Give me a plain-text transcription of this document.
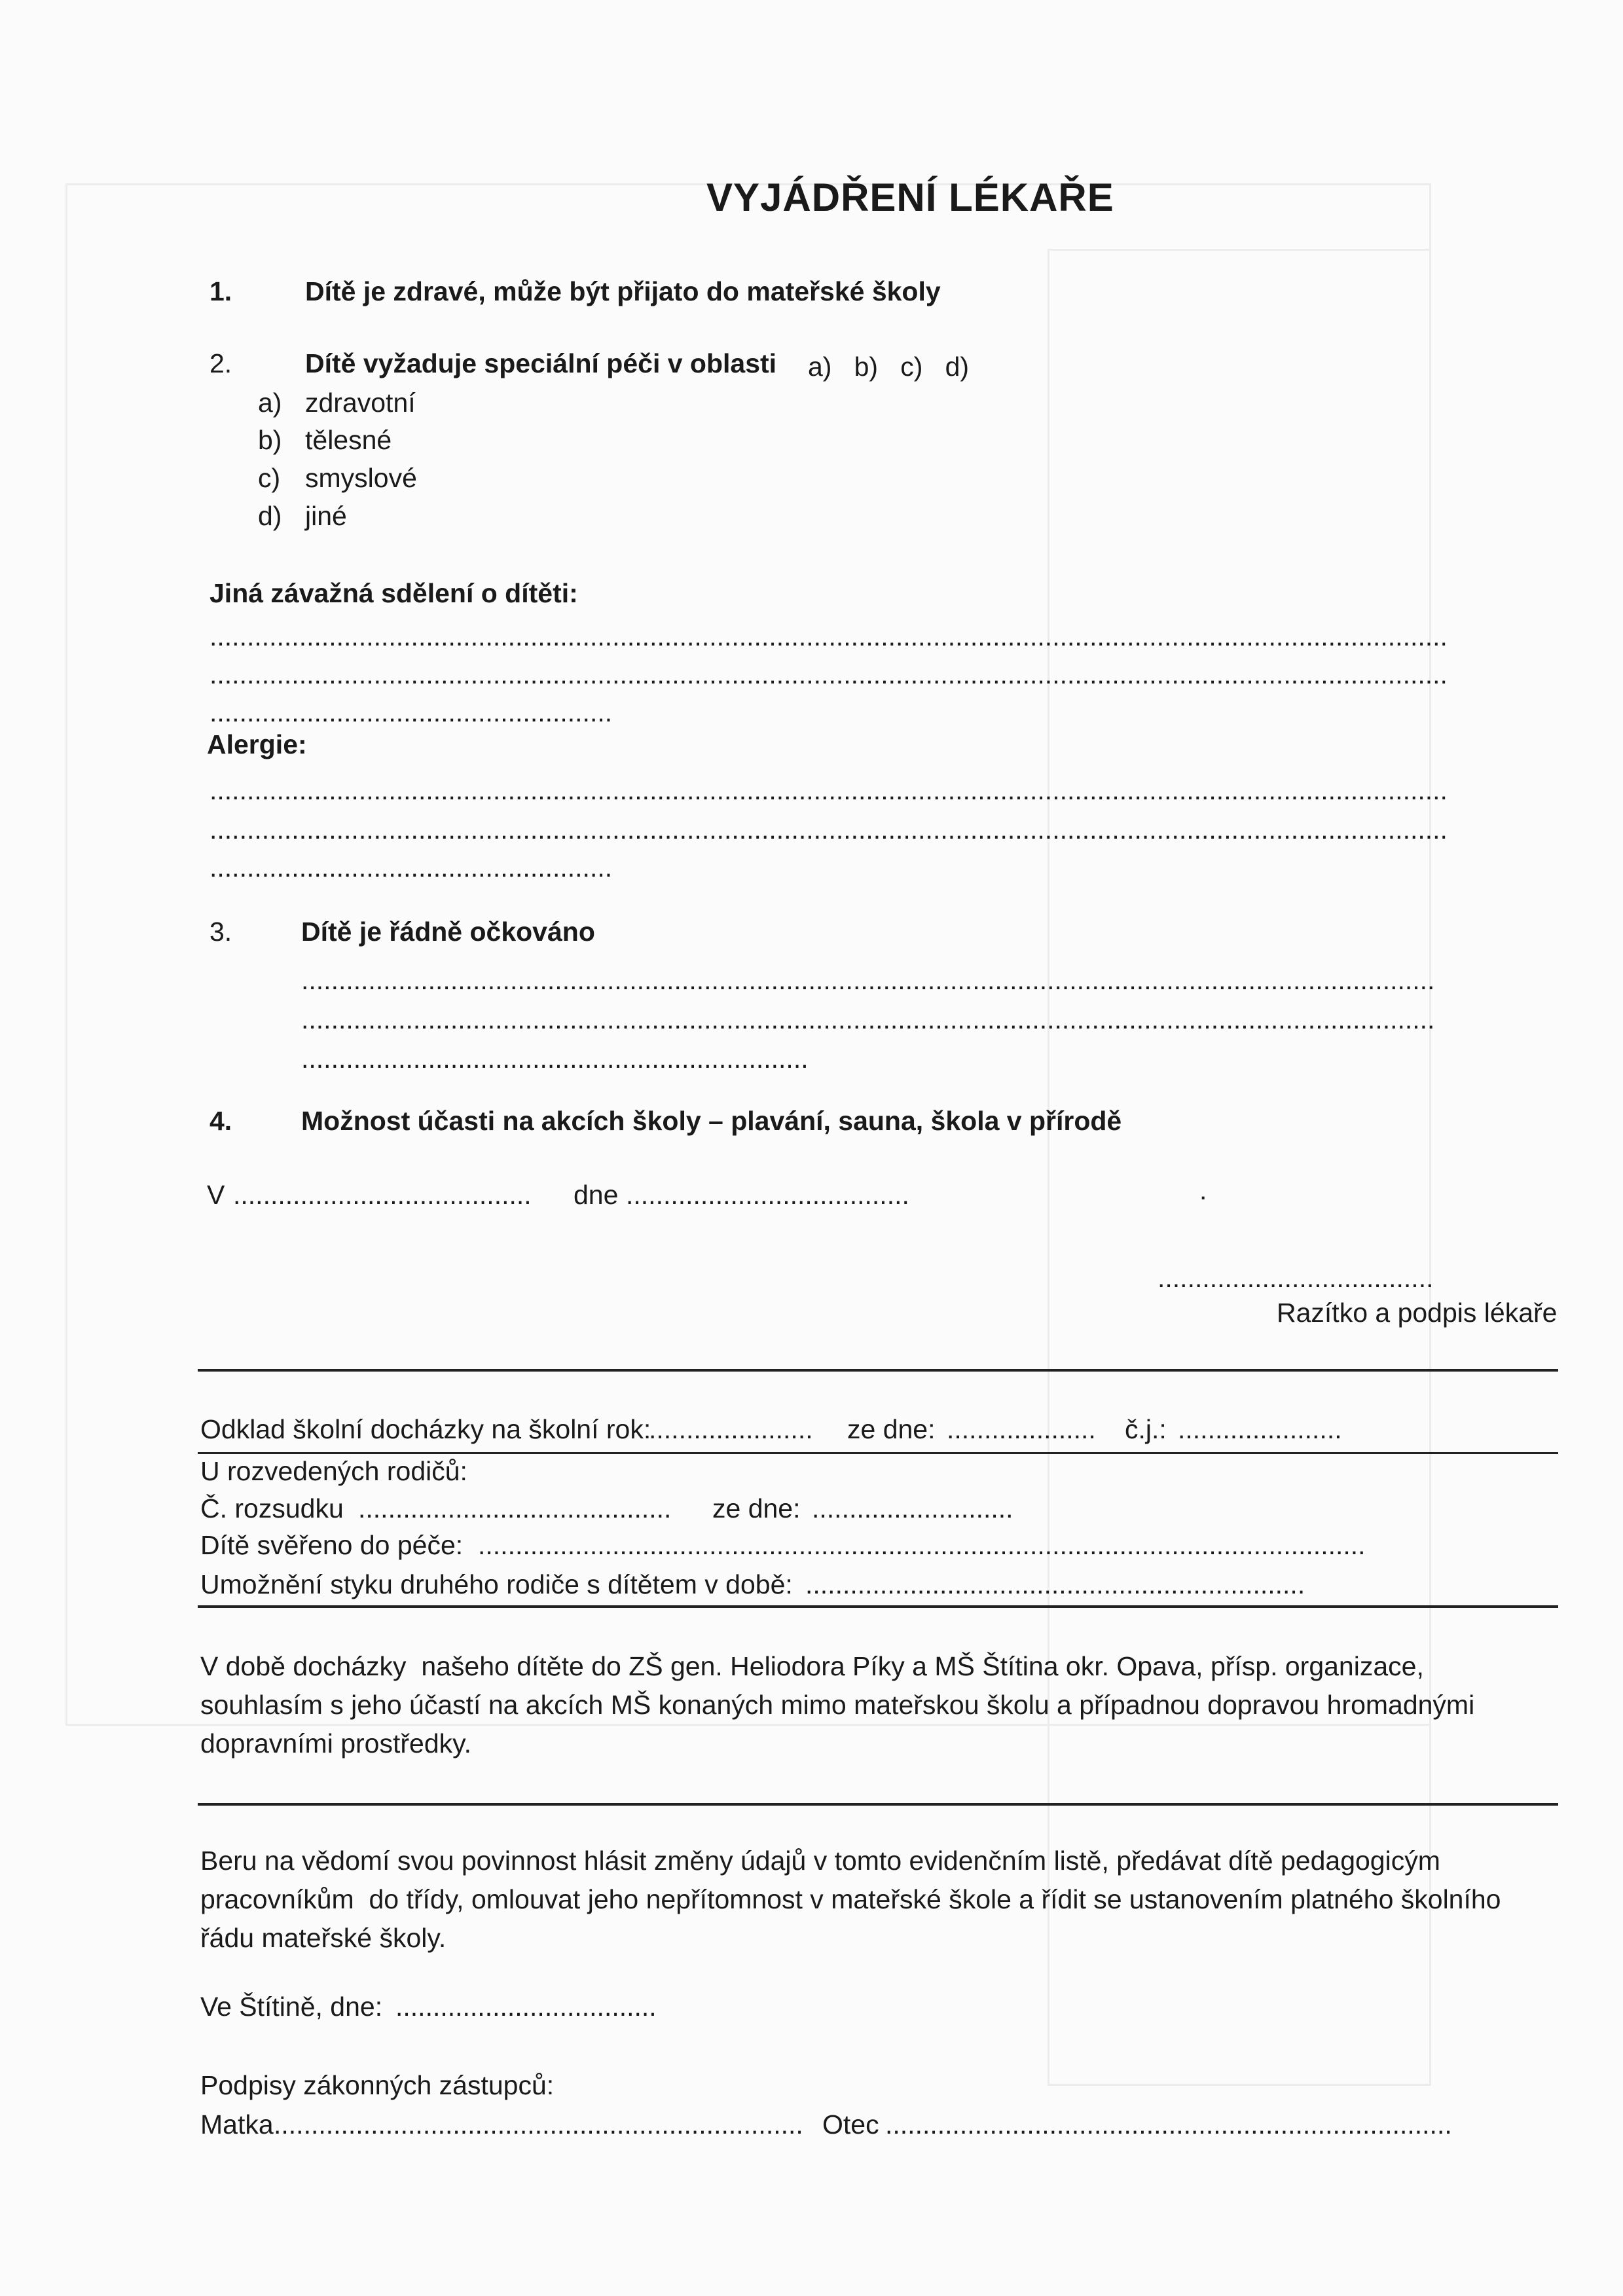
VYJÁDŘENÍ LÉKAŘE
1.	Dítě je zdravé, může být přijato do mateřské školy
2.	Dítě vyžaduje speciální péči v oblasti a)   b)   c)   d)
a) zdravotní
b) tělesné
c) smyslové
d) jiné
Jiná závažná sdělení o dítěti:
......................................................................................................................................................................
......................................................................................................................................................................
......................................................
Alergie:
......................................................................................................................................................................
......................................................................................................................................................................
......................................................
3.	Dítě je řádně očkováno
........................................................................................................................................................
........................................................................................................................................................
....................................................................
4.	Možnost účasti na akcích školy – plavání, sauna, škola v přírodě
V ........................................ dne ......................................	.
.....................................
Razítko a podpis lékaře
Odklad školní docházky na školní rok:
...................... ze dne: .................... č.j.: ......................
U rozvedených rodičů:
Č. rozsudku .......................................... ze dne: ...........................
Dítě svěřeno do péče: .......................................................................................................................
Umožnění styku druhého rodiče s dítětem v době: ...................................................................
V době docházky  našeho dítěte do ZŠ gen. Heliodora Píky a MŠ Štítina okr. Opava, přísp. organizace,
souhlasím s jeho účastí na akcích MŠ konaných mimo mateřskou školu a případnou dopravou hromadnými
dopravními prostředky.
Beru na vědomí svou povinnost hlásit změny údajů v tomto evidenčním listě, předávat dítě pedagogicým
pracovníkům  do třídy, omlouvat jeho nepřítomnost v mateřské škole a řídit se ustanovením platného školního
řádu mateřské školy.
Ve Štítině, dne: ...................................
Podpisy zákonných zástupců:
Matka ....................................................................... Otec ............................................................................
